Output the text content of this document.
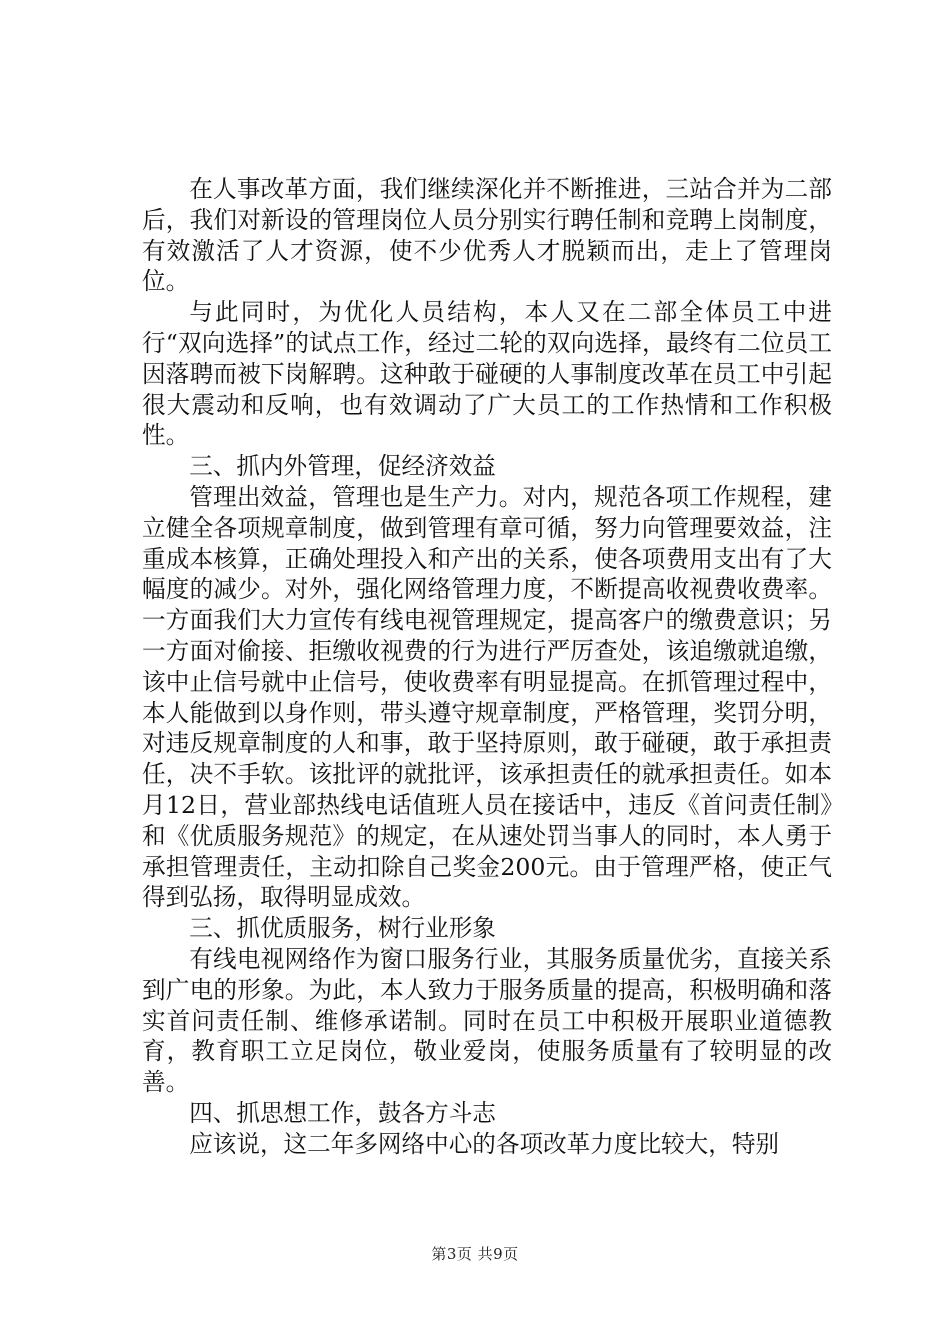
在人事改革方面，我们继续深化并不断推进，三站合并为二部后，我们对新设的管理岗位人员分别实行聘任制和竞聘上岗制度，有效激活了人才资源，使不少优秀人才脱颖而出，走上了管理岗位。

与此同时，为优化人员结构，本人又在二部全体员工中进行“双向选择”的试点工作，经过二轮的双向选择，最终有二位员工因落聘而被下岗解聘。这种敢于碰硬的人事制度改革在员工中引起很大震动和反响，也有效调动了广大员工的工作热情和工作积极性。

三、抓内外管理，促经济效益

管理出效益，管理也是生产力。对内，规范各项工作规程，建立健全各项规章制度，做到管理有章可循，努力向管理要效益，注重成本核算，正确处理投入和产出的关系，使各项费用支出有了大幅度的减少。对外，强化网络管理力度，不断提高收视费收费率。一方面我们大力宣传有线电视管理规定，提高客户的缴费意识；另一方面对偷接、拒缴收视费的行为进行严厉查处，该追缴就追缴，该中止信号就中止信号，使收费率有明显提高。在抓管理过程中，本人能做到以身作则，带头遵守规章制度，严格管理，奖罚分明，对违反规章制度的人和事，敢于坚持原则，敢于碰硬，敢于承担责任，决不手软。该批评的就批评，该承担责任的就承担责任。如本月12日，营业部热线电话值班人员在接话中，违反《首问责任制》和《优质服务规范》的规定，在从速处罚当事人的同时，本人勇于承担管理责任，主动扣除自己奖金200元。由于管理严格，使正气得到弘扬，取得明显成效。

三、抓优质服务，树行业形象

有线电视网络作为窗口服务行业，其服务质量优劣，直接关系到广电的形象。为此，本人致力于服务质量的提高，积极明确和落实首问责任制、维修承诺制。同时在员工中积极开展职业道德教育，教育职工立足岗位，敬业爱岗，使服务质量有了较明显的改善。

四、抓思想工作，鼓各方斗志

应该说，这二年多网络中心的各项改革力度比较大，特别

第3页 共9页
